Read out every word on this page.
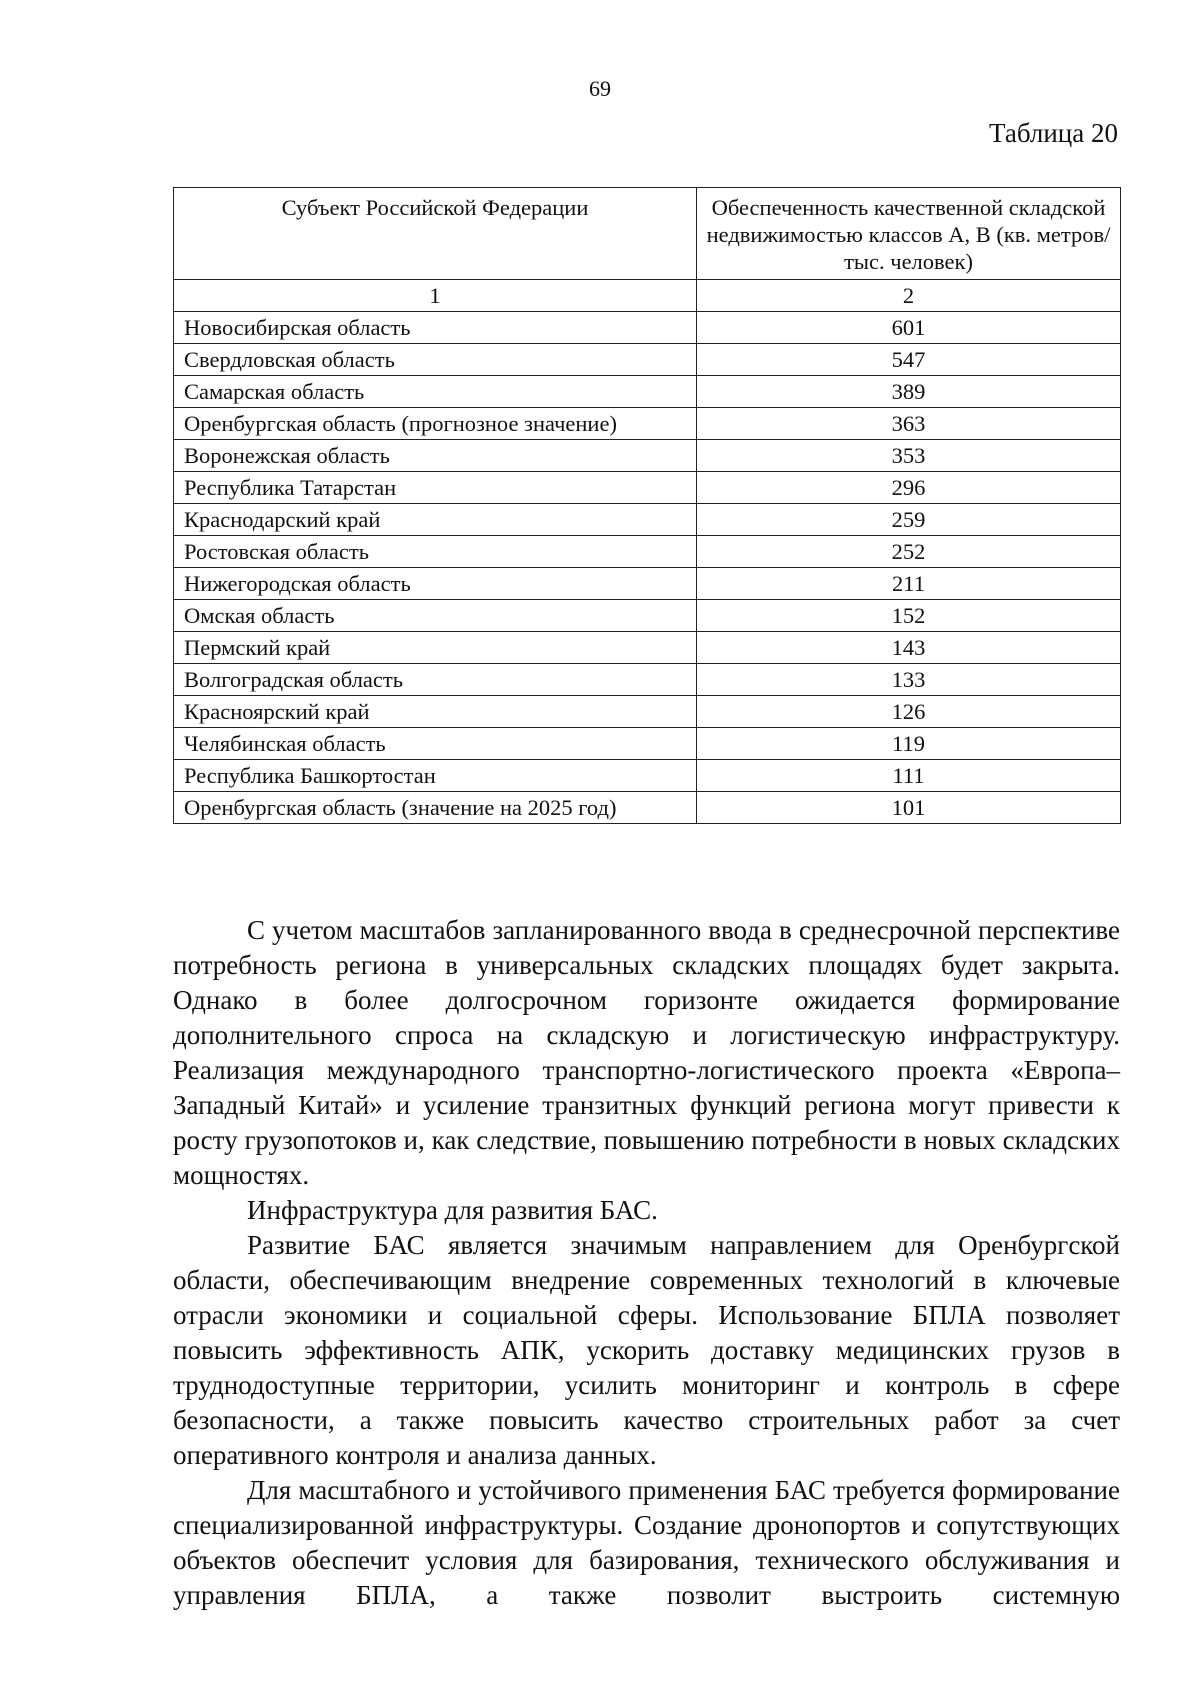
69
Таблица 20
Субъект Российской Федерации	Обеспеченность качественной складской недвижимостью классов А, В (кв. метров/тыс. человек)
1	2
Новосибирская область	601
Свердловская область	547
Самарская область	389
Оренбургская область (прогнозное значение)	363
Воронежская область	353
Республика Татарстан	296
Краснодарский край	259
Ростовская область	252
Нижегородская область	211
Омская область	152
Пермский край	143
Волгоградская область	133
Красноярский край	126
Челябинская область	119
Республика Башкортостан	111
Оренбургская область (значение на 2025 год)	101

С учетом масштабов запланированного ввода в среднесрочной перспективе потребность региона в универсальных складских площадях будет закрыта. Однако в более долгосрочном горизонте ожидается формирование дополнительного спроса на складскую и логистическую инфраструктуру. Реализация международного транспортно-логистического проекта «Европа–Западный Китай» и усиление транзитных функций региона могут привести к росту грузопотоков и, как следствие, повышению потребности в новых складских мощностях.

Инфраструктура для развития БАС.

Развитие БАС является значимым направлением для Оренбургской области, обеспечивающим внедрение современных технологий в ключевые отрасли экономики и социальной сферы. Использование БПЛА позволяет повысить эффективность АПК, ускорить доставку медицинских грузов в труднодоступные территории, усилить мониторинг и контроль в сфере безопасности, а также повысить качество строительных работ за счет оперативного контроля и анализа данных.

Для масштабного и устойчивого применения БАС требуется формирование специализированной инфраструктуры. Создание дронопортов и сопутствующих объектов обеспечит условия для базирования, технического обслуживания и управления БПЛА, а также позволит выстроить системную
